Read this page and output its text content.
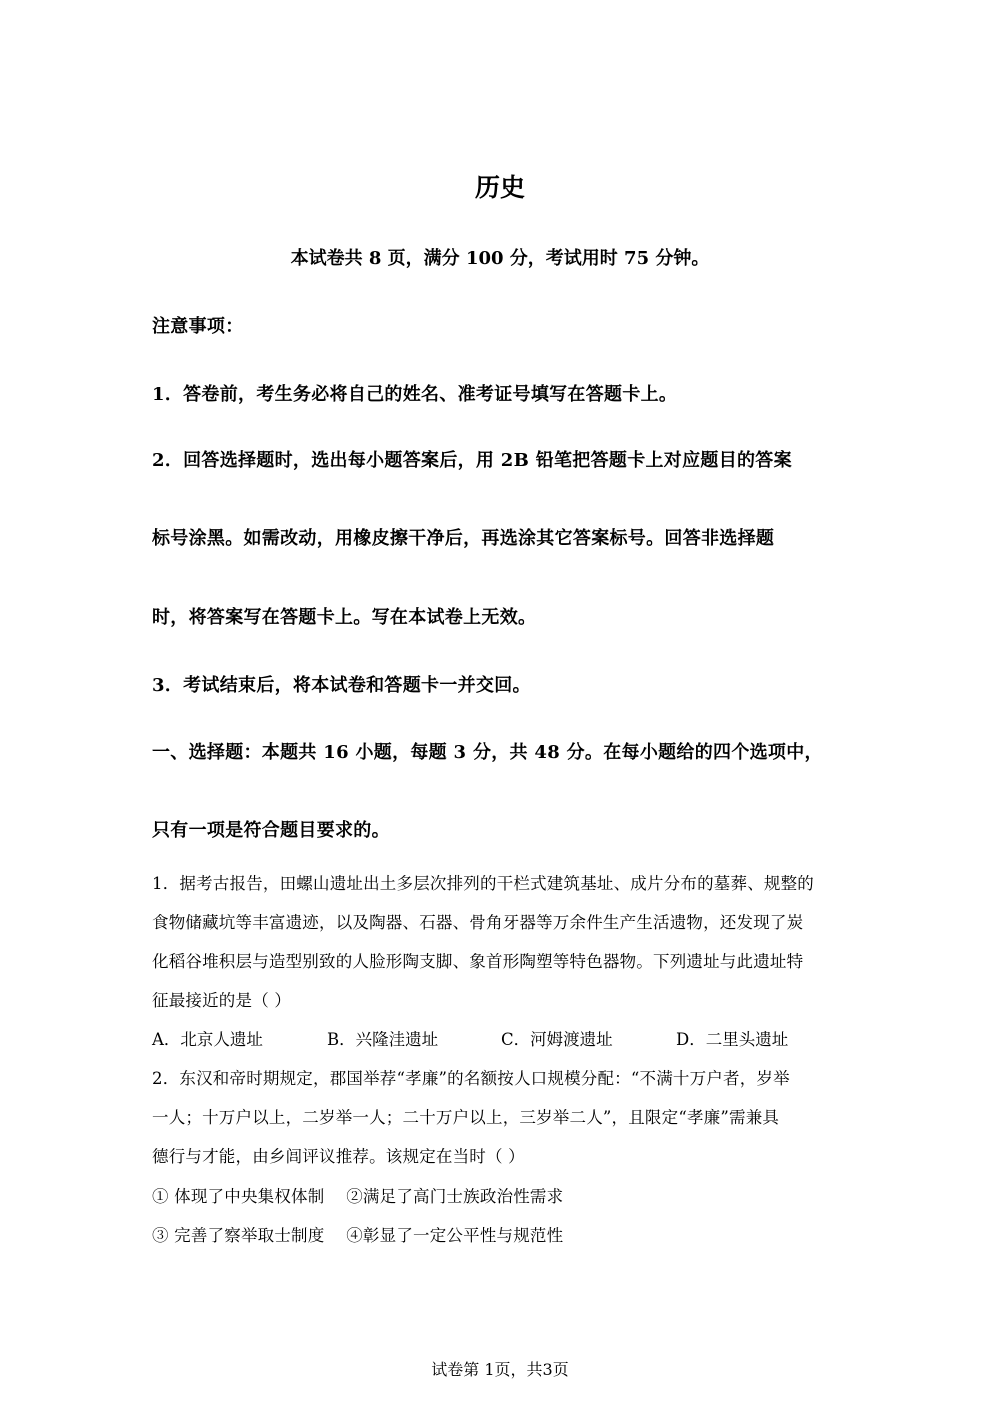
历史
本试卷共 8 页，满分 100 分，考试用时 75 分钟。
注意事项：
1．答卷前，考生务必将自己的姓名、准考证号填写在答题卡上。
2．回答选择题时，选出每小题答案后，用 2B 铅笔把答题卡上对应题目的答案
标号涂黑。如需改动，用橡皮擦干净后，再选涂其它答案标号。回答非选择题
时，将答案写在答题卡上。写在本试卷上无效。
3．考试结束后，将本试卷和答题卡一并交回。
一、选择题：本题共 16 小题，每题 3 分，共 48 分。在每小题给的四个选项中，
只有一项是符合题目要求的。
1．据考古报告，田螺山遗址出土多层次排列的干栏式建筑基址、成片分布的墓葬、规整的
食物储藏坑等丰富遗迹，以及陶器、石器、骨角牙器等万余件生产生活遗物，还发现了炭
化稻谷堆积层与造型别致的人脸形陶支脚、象首形陶塑等特色器物。下列遗址与此遗址特
征最接近的是（ ）
A．北京人遗址	B．兴隆洼遗址	C．河姆渡遗址	D．二里头遗址
2．东汉和帝时期规定，郡国举荐“孝廉”的名额按人口规模分配：“不满十万户者，岁举
一人；十万户以上，二岁举一人；二十万户以上，三岁举二人”，且限定“孝廉”需兼具
德行与才能，由乡闾评议推荐。该规定在当时（ ）
① 体现了中央集权体制    ②满足了高门士族政治性需求
③ 完善了察举取士制度    ④彰显了一定公平性与规范性
试卷第 1页，共3页
